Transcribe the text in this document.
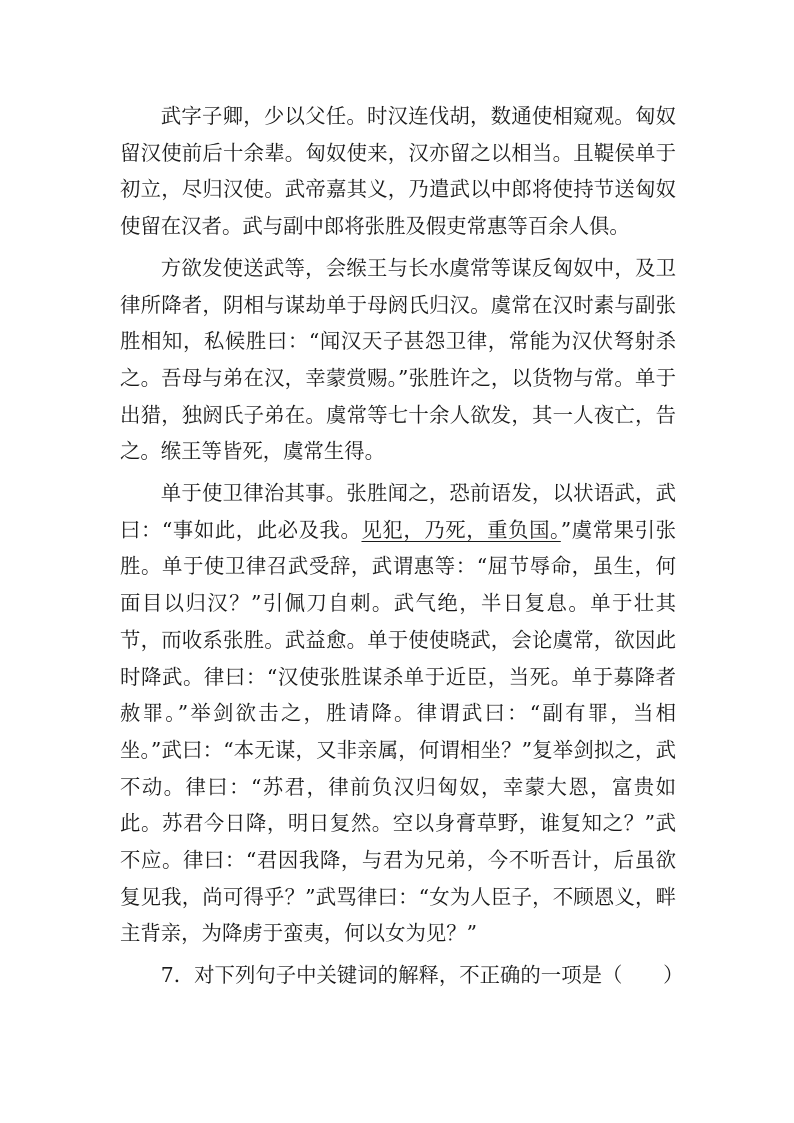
武字子卿，少以父任。时汉连伐胡，数通使相窥观。匈奴留汉使前后十余辈。匈奴使来，汉亦留之以相当。且鞮侯单于初立，尽归汉使。武帝嘉其义，乃遣武以中郎将使持节送匈奴使留在汉者。武与副中郎将张胜及假吏常惠等百余人俱。

方欲发使送武等，会缑王与长水虞常等谋反匈奴中，及卫律所降者，阴相与谋劫单于母阏氏归汉。虞常在汉时素与副张胜相知，私候胜曰：“闻汉天子甚怨卫律，常能为汉伏弩射杀之。吾母与弟在汉，幸蒙赏赐。”张胜许之，以货物与常。单于出猎，独阏氏子弟在。虞常等七十余人欲发，其一人夜亡，告之。缑王等皆死，虞常生得。

单于使卫律治其事。张胜闻之，恐前语发，以状语武，武曰：“事如此，此必及我。见犯，乃死，重负国。”虞常果引张胜。单于使卫律召武受辞，武谓惠等：“屈节辱命，虽生，何面目以归汉？”引佩刀自刺。武气绝，半日复息。单于壮其节，而收系张胜。武益愈。单于使使晓武，会论虞常，欲因此时降武。律曰：“汉使张胜谋杀单于近臣，当死。单于募降者赦罪。”举剑欲击之，胜请降。律谓武曰：“副有罪，当相坐。”武曰：“本无谋，又非亲属，何谓相坐？”复举剑拟之，武不动。律曰：“苏君，律前负汉归匈奴，幸蒙大恩，富贵如此。苏君今日降，明日复然。空以身膏草野，谁复知之？”武不应。律曰：“君因我降，与君为兄弟，今不听吾计，后虽欲复见我，尚可得乎？”武骂律曰：“女为人臣子，不顾恩义，畔主背亲，为降虏于蛮夷，何以女为见？”

7．对下列句子中关键词的解释，不正确的一项是（　　）
